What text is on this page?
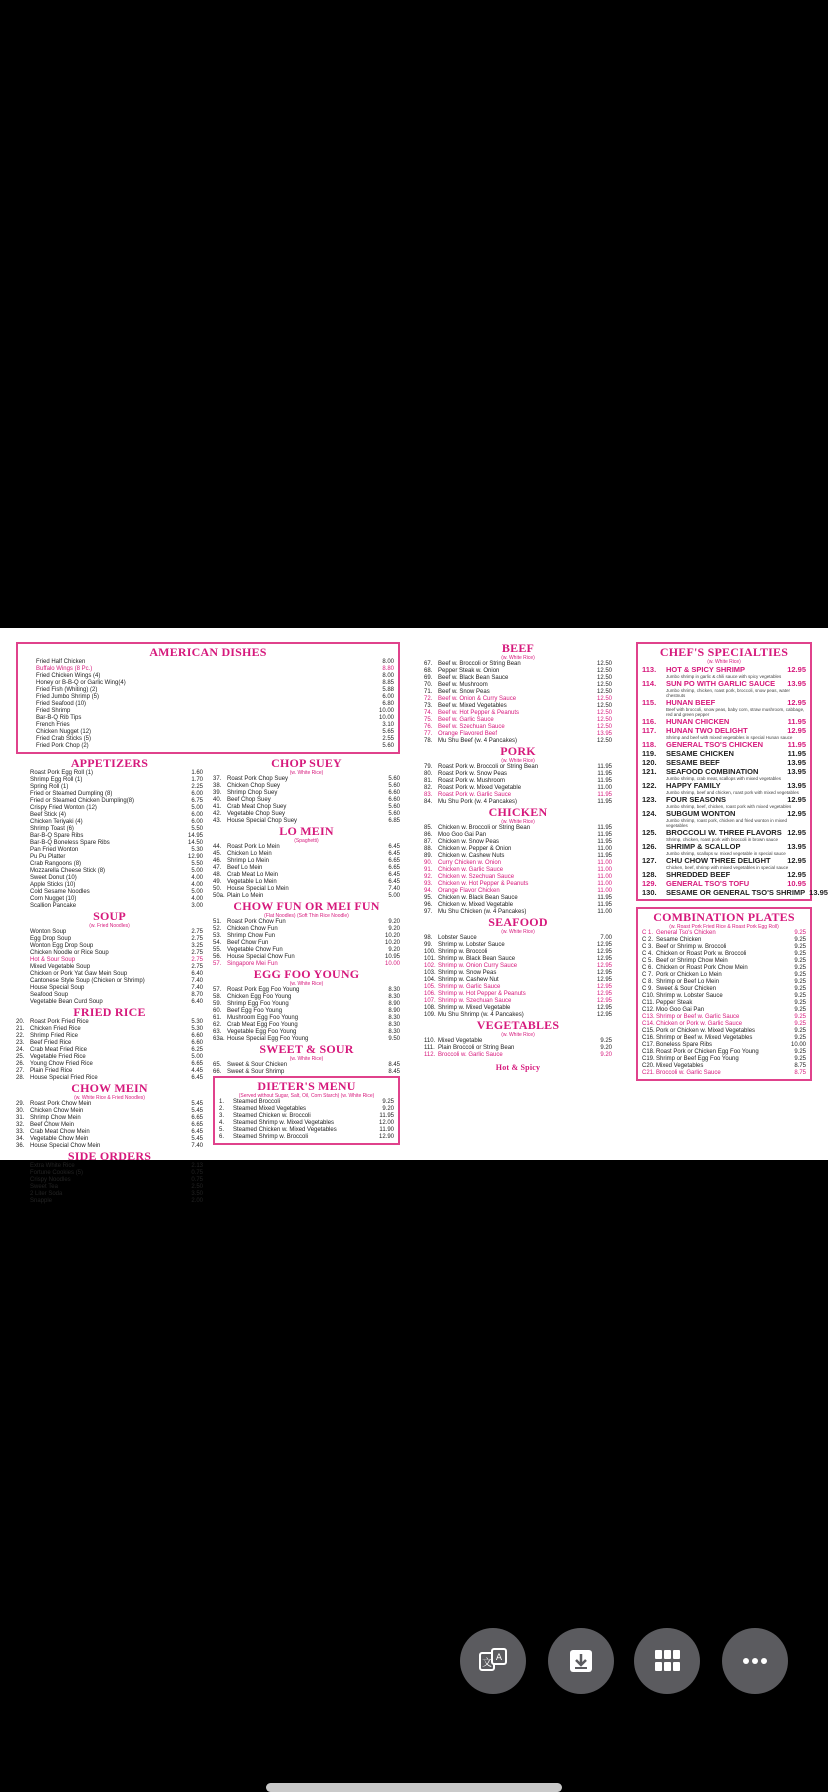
AMERICAN DISHES
Fried Half Chicken	8.00
Buffalo Wings (8 Pc.)	8.80
Fried Chicken Wings (4)	8.00
Honey or B-B-Q or Garlic Wing(4)	8.85
Fried Fish (Whiting) (2)	5.88
Fried Jumbo Shrimp (5)	6.00
Fried Seafood (10)	6.80
Fried Shrimp	10.00
Bar-B-Q Rib Tips	10.00
French Fries	3.10
Chicken Nugget (12)	5.65
Fried Crab Sticks (5)	2.55
Fried Pork Chop (2)	5.60
APPETIZERS
Roast Pork Egg Roll (1)	1.60
Shrimp Egg Roll (1)	1.70
Spring Roll (1)	2.25
Fried or Steamed Dumpling (8)	6.00
Fried or Steamed Chicken Dumpling(8)	6.75
Crispy Fried Wonton (12)	5.00
Beef Stick (4)	6.00
Chicken Teriyaki (4)	6.00
Shrimp Toast (6)	5.50
Bar-B-Q Spare Ribs	14.95
Bar-B-Q Boneless Spare Ribs	14.50
Pan Fried Wonton	5.30
Pu Pu Platter	12.90
Crab Rangoons (8)	5.50
Mozzarella Cheese Stick (8)	5.00
Sweet Donut (10)	4.00
Apple Sticks (10)	4.00
Cold Sesame Noodles	5.00
Corn Nugget (10)	4.00
Scallion Pancake	3.00
SOUP
(w. Fried Noodles)
Wonton Soup	2.75
Egg Drop Soup	2.75
Wonton Egg Drop Soup	3.25
Chicken Noodle or Rice Soup	2.75
Hot & Sour Soup	2.75
Mixed Vegetable Soup	2.75
Chicken or Pork Yat Gaw Mein Soup	6.40
Cantonese Style Soup (Chicken or Shrimp)	7.40
House Special Soup	7.40
Seafood Soup	8.70
Vegetable Bean Curd Soup	6.40
FRIED RICE
20. Roast Pork Fried Rice	5.30
21. Chicken Fried Rice	5.30
22. Shrimp Fried Rice	6.60
23. Beef Fried Rice	6.60
24. Crab Meat Fried Rice	6.25
25. Vegetable Fried Rice	5.00
26. Young Chow Fried Rice	6.65
27. Plain Fried Rice	4.45
28. House Special Fried Rice	6.45
CHOW MEIN
(w. White Rice & Fried Noodles)
29. Roast Pork Chow Mein	5.45
30. Chicken Chow Mein	5.45
31. Shrimp Chow Mein	6.65
32. Beef Chow Mein	6.65
33. Crab Meat Chow Mein	6.45
34. Vegetable Chow Mein	5.45
36. House Special Chow Mein	7.40
SIDE ORDERS
Extra White Rice	2.13
Fortune Cookies (5)	0.75
Crispy Noodles	0.75
Sweet Tea	2.50
2 Liter Soda	3.50
Snapple	2.00
CHOP SUEY
(w. White Rice)
37. Roast Pork Chop Suey	5.60
38. Chicken Chop Suey	5.60
39. Shrimp Chop Suey	6.60
40. Beef Chop Suey	6.60
41. Crab Meat Chop Suey	5.60
42. Vegetable Chop Suey	5.60
43. House Special Chop Suey	6.85
LO MEIN
(Spaghetti)
44. Roast Pork Lo Mein	6.45
45. Chicken Lo Mein	6.45
46. Shrimp Lo Mein	6.65
47. Beef Lo Mein	6.65
48. Crab Meat Lo Mein	6.45
49. Vegetable Lo Mein	6.45
50. House Special Lo Mein	7.40
50a. Plain Lo Mein	5.00
CHOW FUN OR MEI FUN
(Flat Noodles) (Soft Thin Rice Noodle)
51. Roast Pork Chow Fun	9.20
52. Chicken Chow Fun	9.20
53. Shrimp Chow Fun	10.20
54. Beef Chow Fun	10.20
55. Vegetable Chow Fun	9.20
56. House Special Chow Fun	10.95
57. Singapore Mei Fun	10.00
EGG FOO YOUNG
(w. White Rice)
57. Roast Pork Egg Foo Young	8.30
58. Chicken Egg Foo Young	8.30
59. Shrimp Egg Foo Young	8.90
60. Beef Egg Foo Young	8.90
61. Mushroom Egg Foo Young	8.30
62. Crab Meat Egg Foo Young	8.30
63. Vegetable Egg Foo Young	8.30
63a. House Special Egg Foo Young	9.50
SWEET & SOUR
(w. White Rice)
65. Sweet & Sour Chicken	8.45
66. Sweet & Sour Shrimp	8.45
DIETER'S MENU
(Served without Sugar, Salt, Oil, Corn Starch) (w. White Rice)
1.	Steamed Broccoli	9.25
2.	Steamed Mixed Vegetables	9.20
3.	Steamed Chicken w. Broccoli	11.95
4.	Steamed Shrimp w. Mixed Vegetables	12.00
5.	Steamed Chicken w. Mixed Vegetables	11.90
6.	Steamed Shrimp w. Broccoli	12.90
BEEF
(w. White Rice)
67. Beef w. Broccoli or String Bean	12.50
68. Pepper Steak w. Onion	12.50
69. Beef w. Black Bean Sauce	12.50
70. Beef w. Mushroom	12.50
71. Beef w. Snow Peas	12.50
72. Beef w. Onion & Curry Sauce	12.50
73. Beef w. Mixed Vegetables	12.50
74. Beef w. Hot Pepper & Peanuts	12.50
75. Beef w. Garlic Sauce	12.50
76. Beef w. Szechuan Sauce	12.50
77. Orange Flavored Beef	13.95
78. Mu Shu Beef (w. 4 Pancakes)	12.50
PORK
(w. White Rice)
79. Roast Pork w. Broccoli or String Bean	11.95
80. Roast Pork w. Snow Peas	11.95
81. Roast Pork w. Mushroom	11.95
82. Roast Pork w. Mixed Vegetable	11.00
83. Roast Pork w. Garlic Sauce	11.95
84. Mu Shu Pork (w. 4 Pancakes)	11.95
CHICKEN
(w. White Rice)
85. Chicken w. Broccoli or String Bean	11.95
86. Moo Goo Gai Pan	11.95
87. Chicken w. Snow Peas	11.95
88. Chicken w. Pepper & Onion	11.00
89. Chicken w. Cashew Nuts	11.95
90. Curry Chicken w. Onion	11.00
91. Chicken w. Garlic Sauce	11.00
92. Chicken w. Szechuan Sauce	11.00
93. Chicken w. Hot Pepper & Peanuts	11.00
94. Orange Flavor Chicken	11.00
95. Chicken w. Black Bean Sauce	11.95
96. Chicken w. Mixed Vegetable	11.95
97. Mu Shu Chicken (w. 4 Pancakes)	11.00
SEAFOOD
(w. White Rice)
98. Lobster Sauce	7.00
99. Shrimp w. Lobster Sauce	12.95
100. Shrimp w. Broccoli	12.95
101. Shrimp w. Black Bean Sauce	12.95
102. Shrimp w. Onion Curry Sauce	12.95
103. Shrimp w. Snow Peas	12.95
104. Shrimp w. Cashew Nut	12.95
105. Shrimp w. Garlic Sauce	12.95
106. Shrimp w. Hot Pepper & Peanuts	12.95
107. Shrimp w. Szechuan Sauce	12.95
108. Shrimp w. Mixed Vegetable	12.95
109. Mu Shu Shrimp (w. 4 Pancakes)	12.95
VEGETABLES
(w. White Rice)
110. Mixed Vegetable	9.25
111. Plain Broccoli or String Bean	9.20
112. Broccoli w. Garlic Sauce	9.20
Hot & Spicy
CHEF'S SPECIALTIES
(w. White Rice)
113.	HOT & SPICY SHRIMP	12.95
Jumbo shrimp in garlic & chili sauce with spicy vegetables
114.	SUN PO WITH GARLIC SAUCE	13.95
Jumbo shrimp, chicken, roast pork, broccoli, snow peas, water chestnuts
115.	HUNAN BEEF	12.95
Beef with broccoli, snow peas, baby corn, straw mushroom, cabbage, red and green pepper
116.	HUNAN CHICKEN	11.95
117.	HUNAN TWO DELIGHT	12.95
Shrimp and beef with mixed vegetables in special Hunan sauce
118.	GENERAL TSO'S CHICKEN	11.95
119.	SESAME CHICKEN	11.95
120.	SESAME BEEF	13.95
121.	SEAFOOD COMBINATION	13.95
Jumbo shrimp, crab meat, scallops with mixed vegetables
122.	HAPPY FAMILY	13.95
Jumbo shrimp, beef and chicken, roast pork with mixed vegetables
123.	FOUR SEASONS	12.95
Jumbo shrimp, beef, chicken, roast pork with mixed vegetables
124.	SUBGUM WONTON	12.95
Jumbo shrimp, roast pork, chicken and fried wonton in mixed vegetables
125.	BROCCOLI W. THREE FLAVORS 12.95
Shrimp, chicken, roast pork with broccoli in brown sauce
126.	SHRIMP & SCALLOP	13.95
Jumbo shrimp, scallops w. mixed vegetable in special sauce
127.	CHU CHOW THREE DELIGHT	12.95
Chicken, beef, shrimp with mixed vegetables in special sauce
128.	SHREDDED BEEF	12.95
129.	GENERAL TSO'S TOFU	10.95
130.	SESAME OR GENERAL TSO'S SHRIMP 13.95
COMBINATION PLATES
(w. Roast Pork Fried Rice & Roast Pork Egg Roll)
C 1. General Tso's Chicken	9.25
C 2. Sesame Chicken	9.25
C 3. Beef or Shrimp w. Broccoli	9.25
C 4. Chicken or Roast Pork w. Broccoli	9.25
C 5. Beef or Shrimp Chow Mein	9.25
C 6. Chicken or Roast Pork Chow Mein	9.25
C 7. Pork or Chicken Lo Mein	9.25
C 8. Shrimp or Beef Lo Mein	9.25
C 9. Sweet & Sour Chicken	9.25
C10. Shrimp w. Lobster Sauce	9.25
C11. Pepper Steak	9.25
C12. Moo Goo Gai Pan	9.25
C13. Shrimp or Beef w. Garlic Sauce	9.25
C14. Chicken or Pork w. Garlic Sauce	9.25
C15. Pork or Chicken w. Mixed Vegetables	9.25
C16. Shrimp or Beef w. Mixed Vegetables	9.25
C17. Boneless Spare Ribs	10.00
C18. Roast Pork or Chicken Egg Foo Young	9.25
C19. Shrimp or Beef Egg Foo Young	9.25
C20. Mixed Vegetables	8.75
C21. Broccoli w. Garlic Sauce	8.75
文 A
